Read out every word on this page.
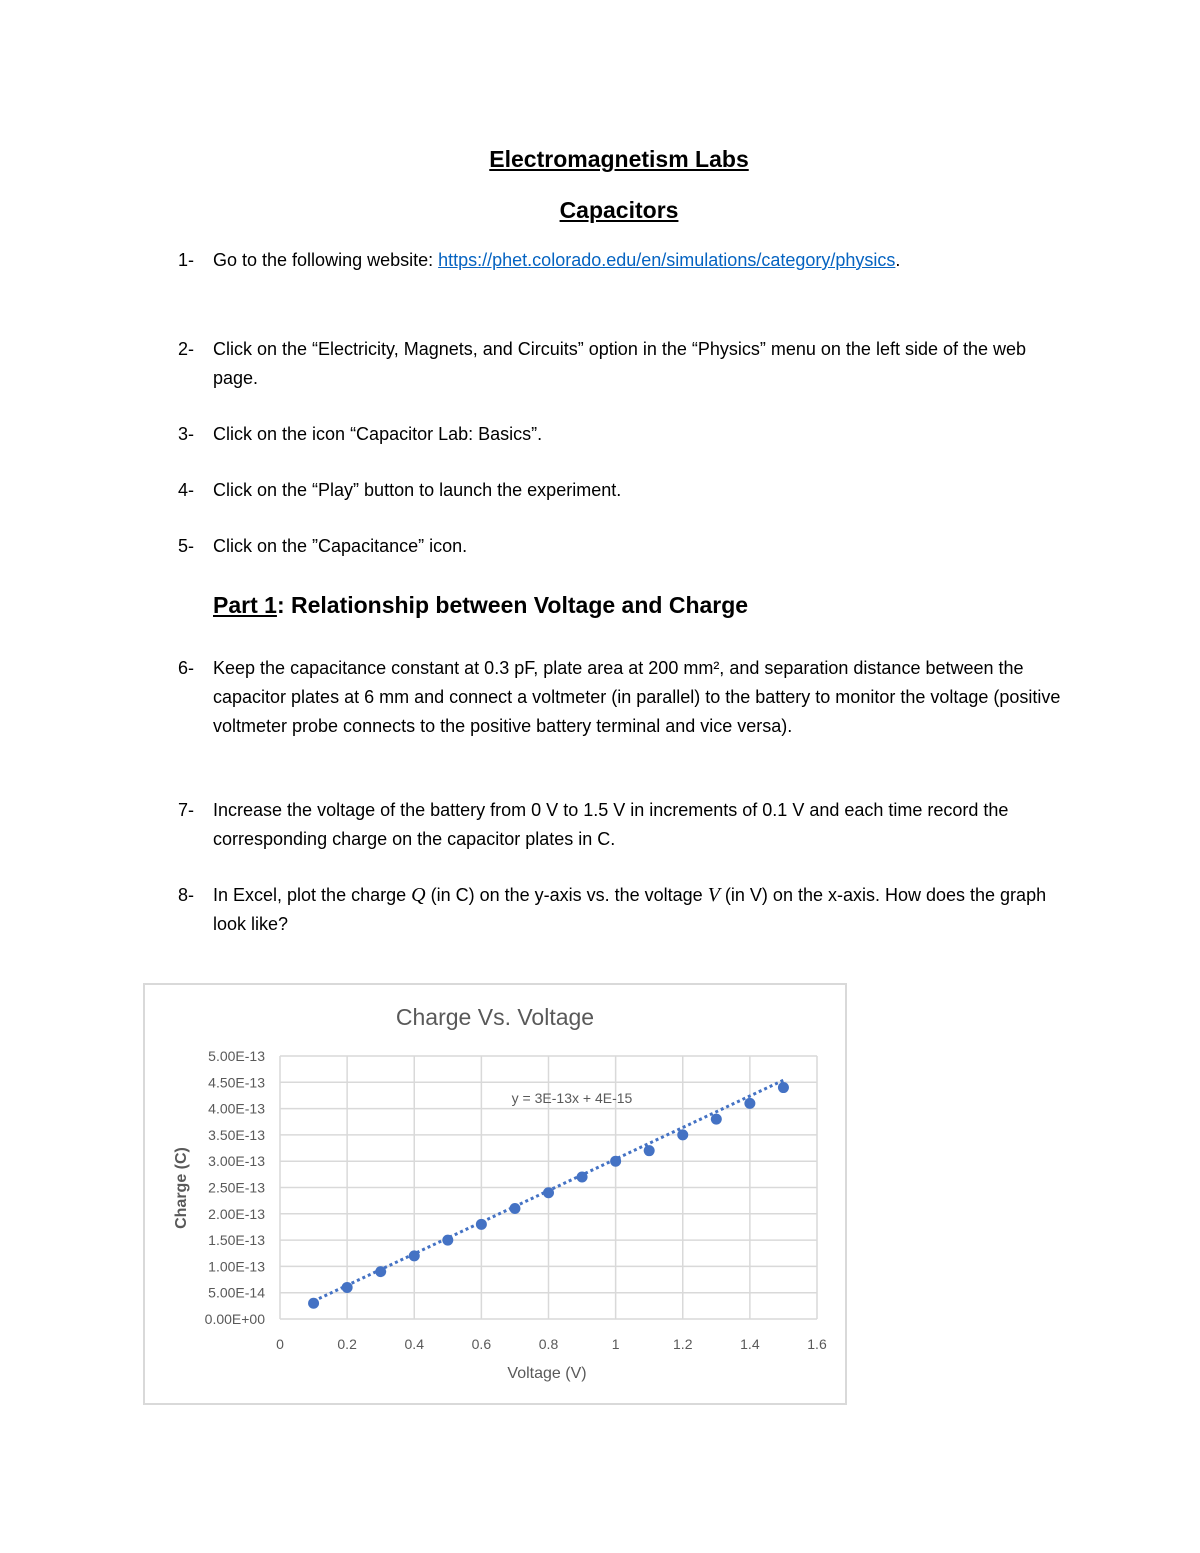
Electromagnetism Labs
Capacitors
1-	Go to the following website: https://phet.colorado.edu/en/simulations/category/physics.
2-	Click on the “Electricity, Magnets, and Circuits” option in the “Physics” menu on the left side of the web page.
3-	Click on the icon “Capacitor Lab: Basics”.
4-	Click on the “Play” button to launch the experiment.
5-	Click on the ”Capacitance” icon.
Part 1: Relationship between Voltage and Charge
6-	Keep the capacitance constant at 0.3 pF, plate area at 200 mm², and separation distance between the capacitor plates at 6 mm and connect a voltmeter (in parallel) to the battery to monitor the voltage (positive voltmeter probe connects to the positive battery terminal and vice versa).
7-	Increase the voltage of the battery from 0 V to 1.5 V in increments of 0.1 V and each time record the corresponding charge on the capacitor plates in C.
8-	In Excel, plot the charge Q (in C) on the y-axis vs. the voltage V (in V) on the x-axis. How does the graph look like?
0.00E+00
5.00E-14
1.00E-13
1.50E-13
2.00E-13
2.50E-13
3.00E-13
3.50E-13
4.00E-13
4.50E-13
5.00E-13
0	0.2	0.4	0.6	0.8	1	1.2	1.4	1.6
Charge Vs. Voltage
Voltage (V)
Charge (C)
y = 3E-13x + 4E-15
